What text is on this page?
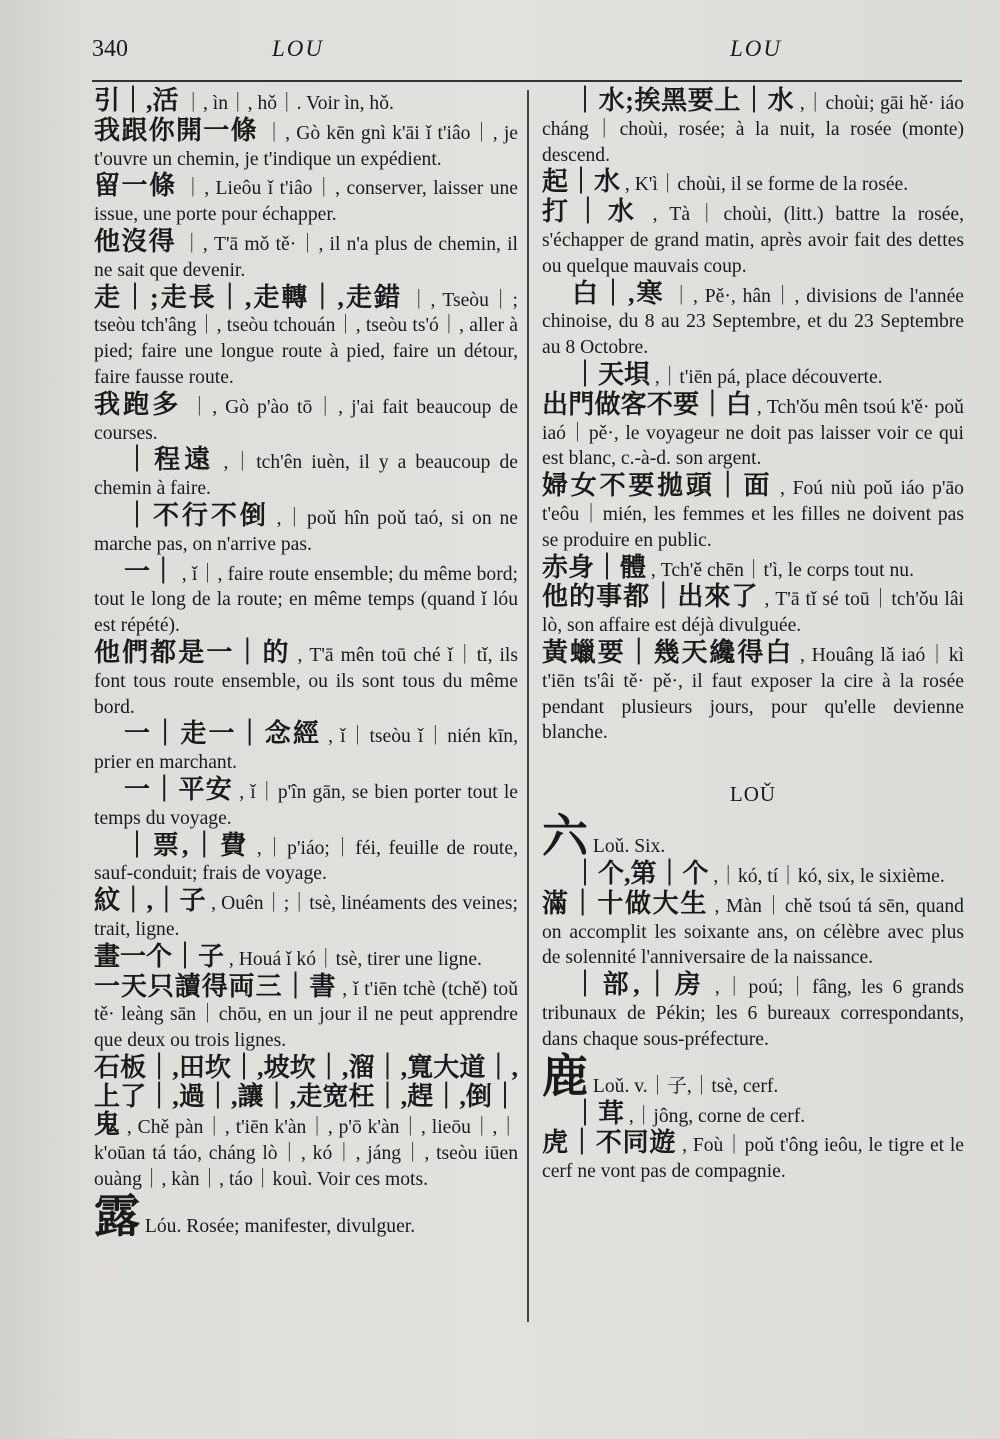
340	LOU	LOU
引｜,活 ｜, ìn｜, hǒ｜. Voir ìn, hǒ.
我跟你開一條 ｜, Gò kēn gnì k'āi ǐ t'iâo｜, je t'ouvre un chemin, je t'indique un expédient.
留一條 ｜, Lieôu ǐ t'iâo｜, conserver, laisser une issue, une porte pour échapper.
他沒得 ｜, T'ā mǒ tě·｜, il n'a plus de chemin, il ne sait que devenir.
走｜;走長｜,走轉｜,走錯 ｜, Tseòu｜; tseòu tch'âng｜, tseòu tchouán｜, tseòu ts'ó｜, aller à pied; faire une longue route à pied, faire un détour, faire fausse route.
我跑多 ｜, Gò p'ào tō｜, j'ai fait beaucoup de courses.
｜程遠 ,｜tch'ên iuèn, il y a beaucoup de chemin à faire.
｜不行不倒 ,｜poǔ hîn poǔ taó, si on ne marche pas, on n'arrive pas.
一｜ , ǐ｜, faire route ensemble; du même bord; tout le long de la route; en même temps (quand ǐ lóu est répété).
他們都是一｜的 , T'ā mên toū ché ǐ｜tǐ, ils font tous route ensemble, ou ils sont tous du même bord.
一｜走一｜念經 , ǐ｜tseòu ǐ｜nién kīn, prier en marchant.
一｜平安 , ǐ｜p'în gān, se bien porter tout le temps du voyage.
｜票,｜費 ,｜p'iáo;｜féi, feuille de route, sauf-conduit; frais de voyage.
紋｜,｜子 , Ouên｜;｜tsè, linéaments des veines; trait, ligne.
畫一个｜子 , Houá ǐ kó｜tsè, tirer une ligne.
一天只讀得両三｜書 , ǐ t'iēn tchè (tchě) toǔ tě· leàng sān｜chōu, en un jour il ne peut apprendre que deux ou trois lignes.
石板｜,田坎｜,坡坎｜,溜｜,寬大道｜,上了｜,過｜,讓｜,走宽枉｜,趕｜,倒｜鬼 , Chě pàn｜, t'iēn k'àn｜, p'ō k'àn｜, lieōu｜,｜k'oūan tá táo, cháng lò｜, kó｜, jáng｜, tseòu iūen ouàng｜, kàn｜, táo｜kouì. Voir ces mots.
露 Lóu. Rosée; manifester, divulguer.
｜水;挨黑要上｜水 ,｜choùi; gāi hě· iáo cháng｜choùi, rosée; à la nuit, la rosée (monte) descend.
起｜水 , K'ì｜choùi, il se forme de la rosée.
打｜水 , Tà｜choùi, (litt.) battre la rosée, s'échapper de grand matin, après avoir fait des dettes ou quelque mauvais coup.
白｜,寒 ｜, Pě·, hân｜, divisions de l'année chinoise, du 8 au 23 Septembre, et du 23 Septembre au 8 Octobre.
｜天垻 ,｜t'iēn pá, place découverte.
出門做客不要｜白 , Tch'ǒu mên tsoú k'ě· poǔ iaó｜pě·, le voyageur ne doit pas laisser voir ce qui est blanc, c.-à-d. son argent.
婦女不要拋頭｜面 , Foú niù poǔ iáo p'āo t'eôu｜mién, les femmes et les filles ne doivent pas se produire en public.
赤身｜體 , Tch'ě chēn｜t'ì, le corps tout nu.
他的事都｜出來了 , T'ā tǐ sé toū｜tch'ǒu lâi lò, son affaire est déjà divulguée.
黃蠟要｜幾天纔得白 , Houâng lǎ iaó｜kì t'iēn ts'âi tě· pě·, il faut exposer la cire à la rosée pendant plusieurs jours, pour qu'elle devienne blanche.
LOǓ
六 Loǔ. Six.
｜个,第｜个 ,｜kó, tí｜kó, six, le sixième.
滿｜十做大生 , Màn｜chě tsoú tá sēn, quand on accomplit les soixante ans, on célèbre avec plus de solennité l'anniversaire de la naissance.
｜部,｜房 ,｜poú;｜fâng, les 6 grands tribunaux de Pékin; les 6 bureaux correspondants, dans chaque sous-préfecture.
鹿 Loǔ. v.｜子,｜tsè, cerf.
｜茸 ,｜jông, corne de cerf.
虎｜不同遊 , Foù｜poǔ t'ông ieôu, le tigre et le cerf ne vont pas de compagnie.
